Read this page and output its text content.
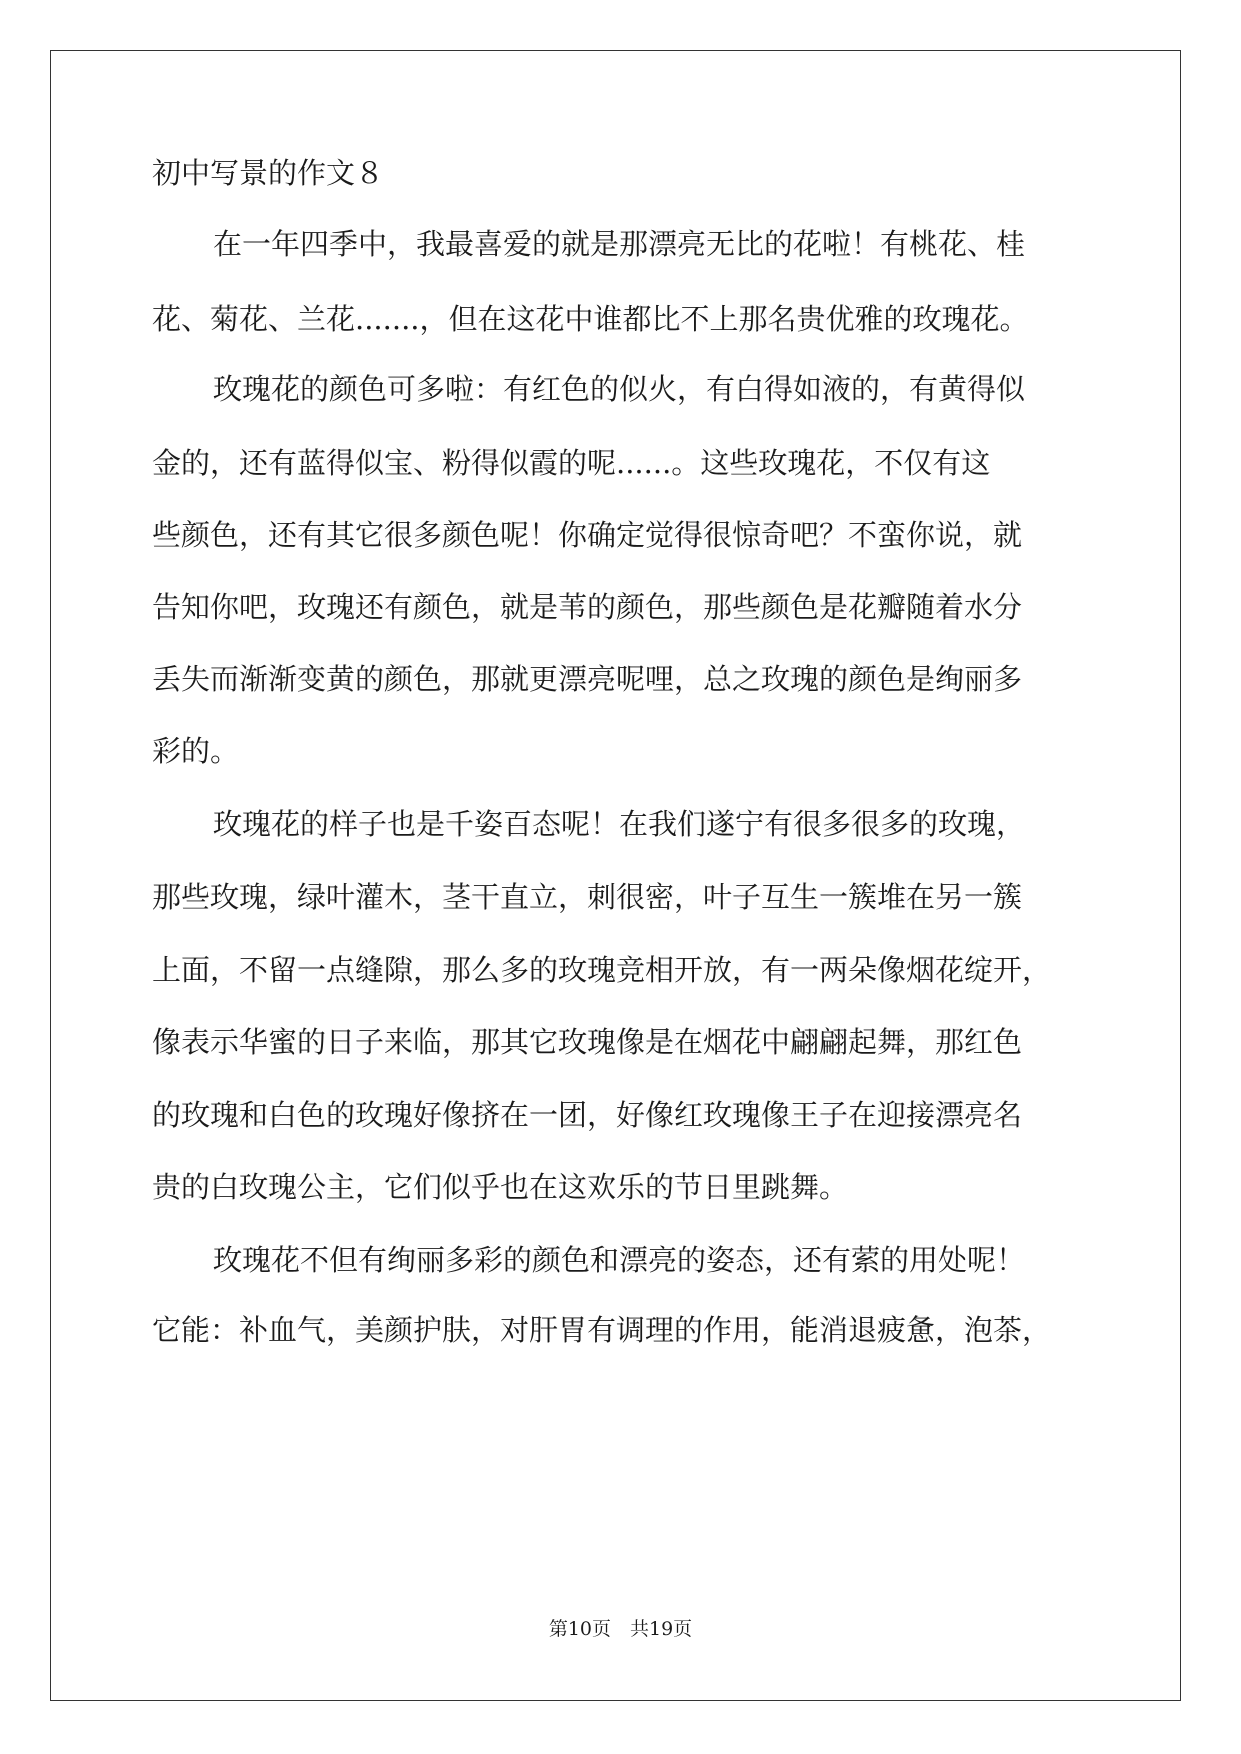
初中写景的作文８
在一年四季中，我最喜爱的就是那漂亮无比的花啦！有桃花、桂
花、菊花、兰花.......，但在这花中谁都比不上那名贵优雅的玫瑰花。
玫瑰花的颜色可多啦：有红色的似火，有白得如液的，有黄得似
金的，还有蓝得似宝、粉得似霞的呢......。这些玫瑰花，不仅有这
些颜色，还有其它很多颜色呢！你确定觉得很惊奇吧？不蛮你说，就
告知你吧，玫瑰还有颜色，就是苇的颜色，那些颜色是花瓣随着水分
丢失而渐渐变黄的颜色，那就更漂亮呢哩，总之玫瑰的颜色是绚丽多
彩的。
玫瑰花的样子也是千姿百态呢！在我们遂宁有很多很多的玫瑰，
那些玫瑰，绿叶灌木，茎干直立，刺很密，叶子互生一簇堆在另一簇
上面，不留一点缝隙，那么多的玫瑰竞相开放，有一两朵像烟花绽开，
像表示华蜜的日子来临，那其它玫瑰像是在烟花中翩翩起舞，那红色
的玫瑰和白色的玫瑰好像挤在一团，好像红玫瑰像王子在迎接漂亮名
贵的白玫瑰公主，它们似乎也在这欢乐的节日里跳舞。
玫瑰花不但有绚丽多彩的颜色和漂亮的姿态，还有萦的用处呢！
它能：补血气，美颜护肤，对肝胃有调理的作用，能消退疲惫，泡茶，
第10页　共19页
